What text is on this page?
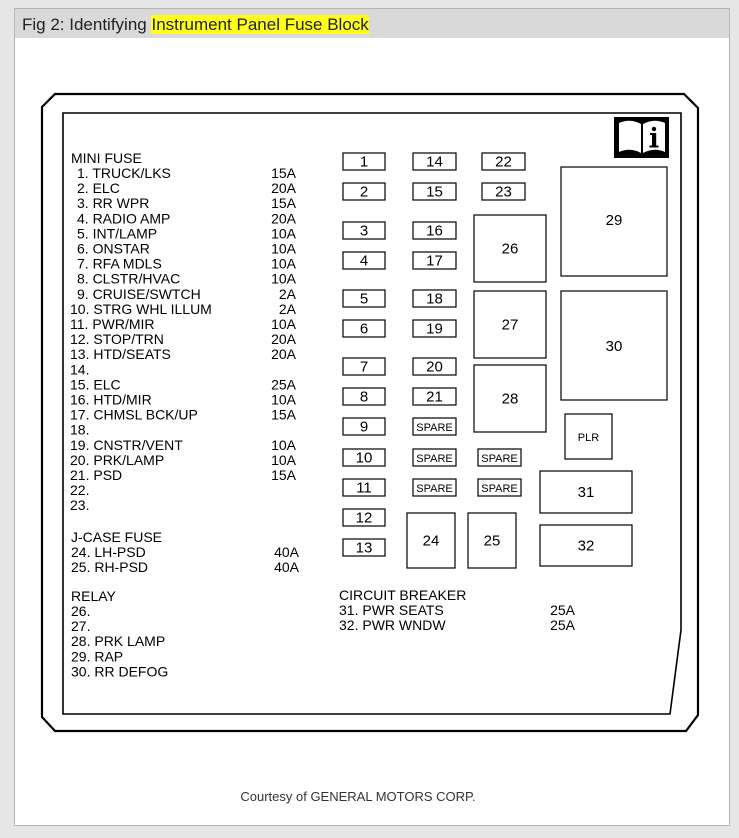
Fig 2: Identifying Instrument Panel Fuse Block
MINI FUSE
1. TRUCK/LKS	15A
2. ELC	20A
3. RR WPR	15A
4. RADIO AMP	20A
5. INT/LAMP	10A
6. ONSTAR	10A
7. RFA MDLS	10A
8. CLSTR/HVAC	10A
9. CRUISE/SWTCH	2A
10. STRG WHL ILLUM	2A
11. PWR/MIR	10A
12. STOP/TRN	20A
13. HTD/SEATS	20A
14.
15. ELC	25A
16. HTD/MIR	10A
17. CHMSL BCK/UP	15A
18.
19. CNSTR/VENT	10A
20. PRK/LAMP	10A
21. PSD	15A
22.
23.
J-CASE FUSE
24. LH-PSD	40A
25. RH-PSD	40A
RELAY
26.
27.
28. PRK LAMP
29. RAP
30. RR DEFOG
CIRCUIT BREAKER
31. PWR SEATS	25A
32. PWR WNDW	25A
1
2
3
4
5
6
7
8
9
10
11
12
13
14
15
16
17
18
19
20
21
22
23
SPARE
SPARE
SPARE
SPARE
SPARE
26
27
28
29
30
PLR
24	25
31
32
Courtesy of GENERAL MOTORS CORP.
